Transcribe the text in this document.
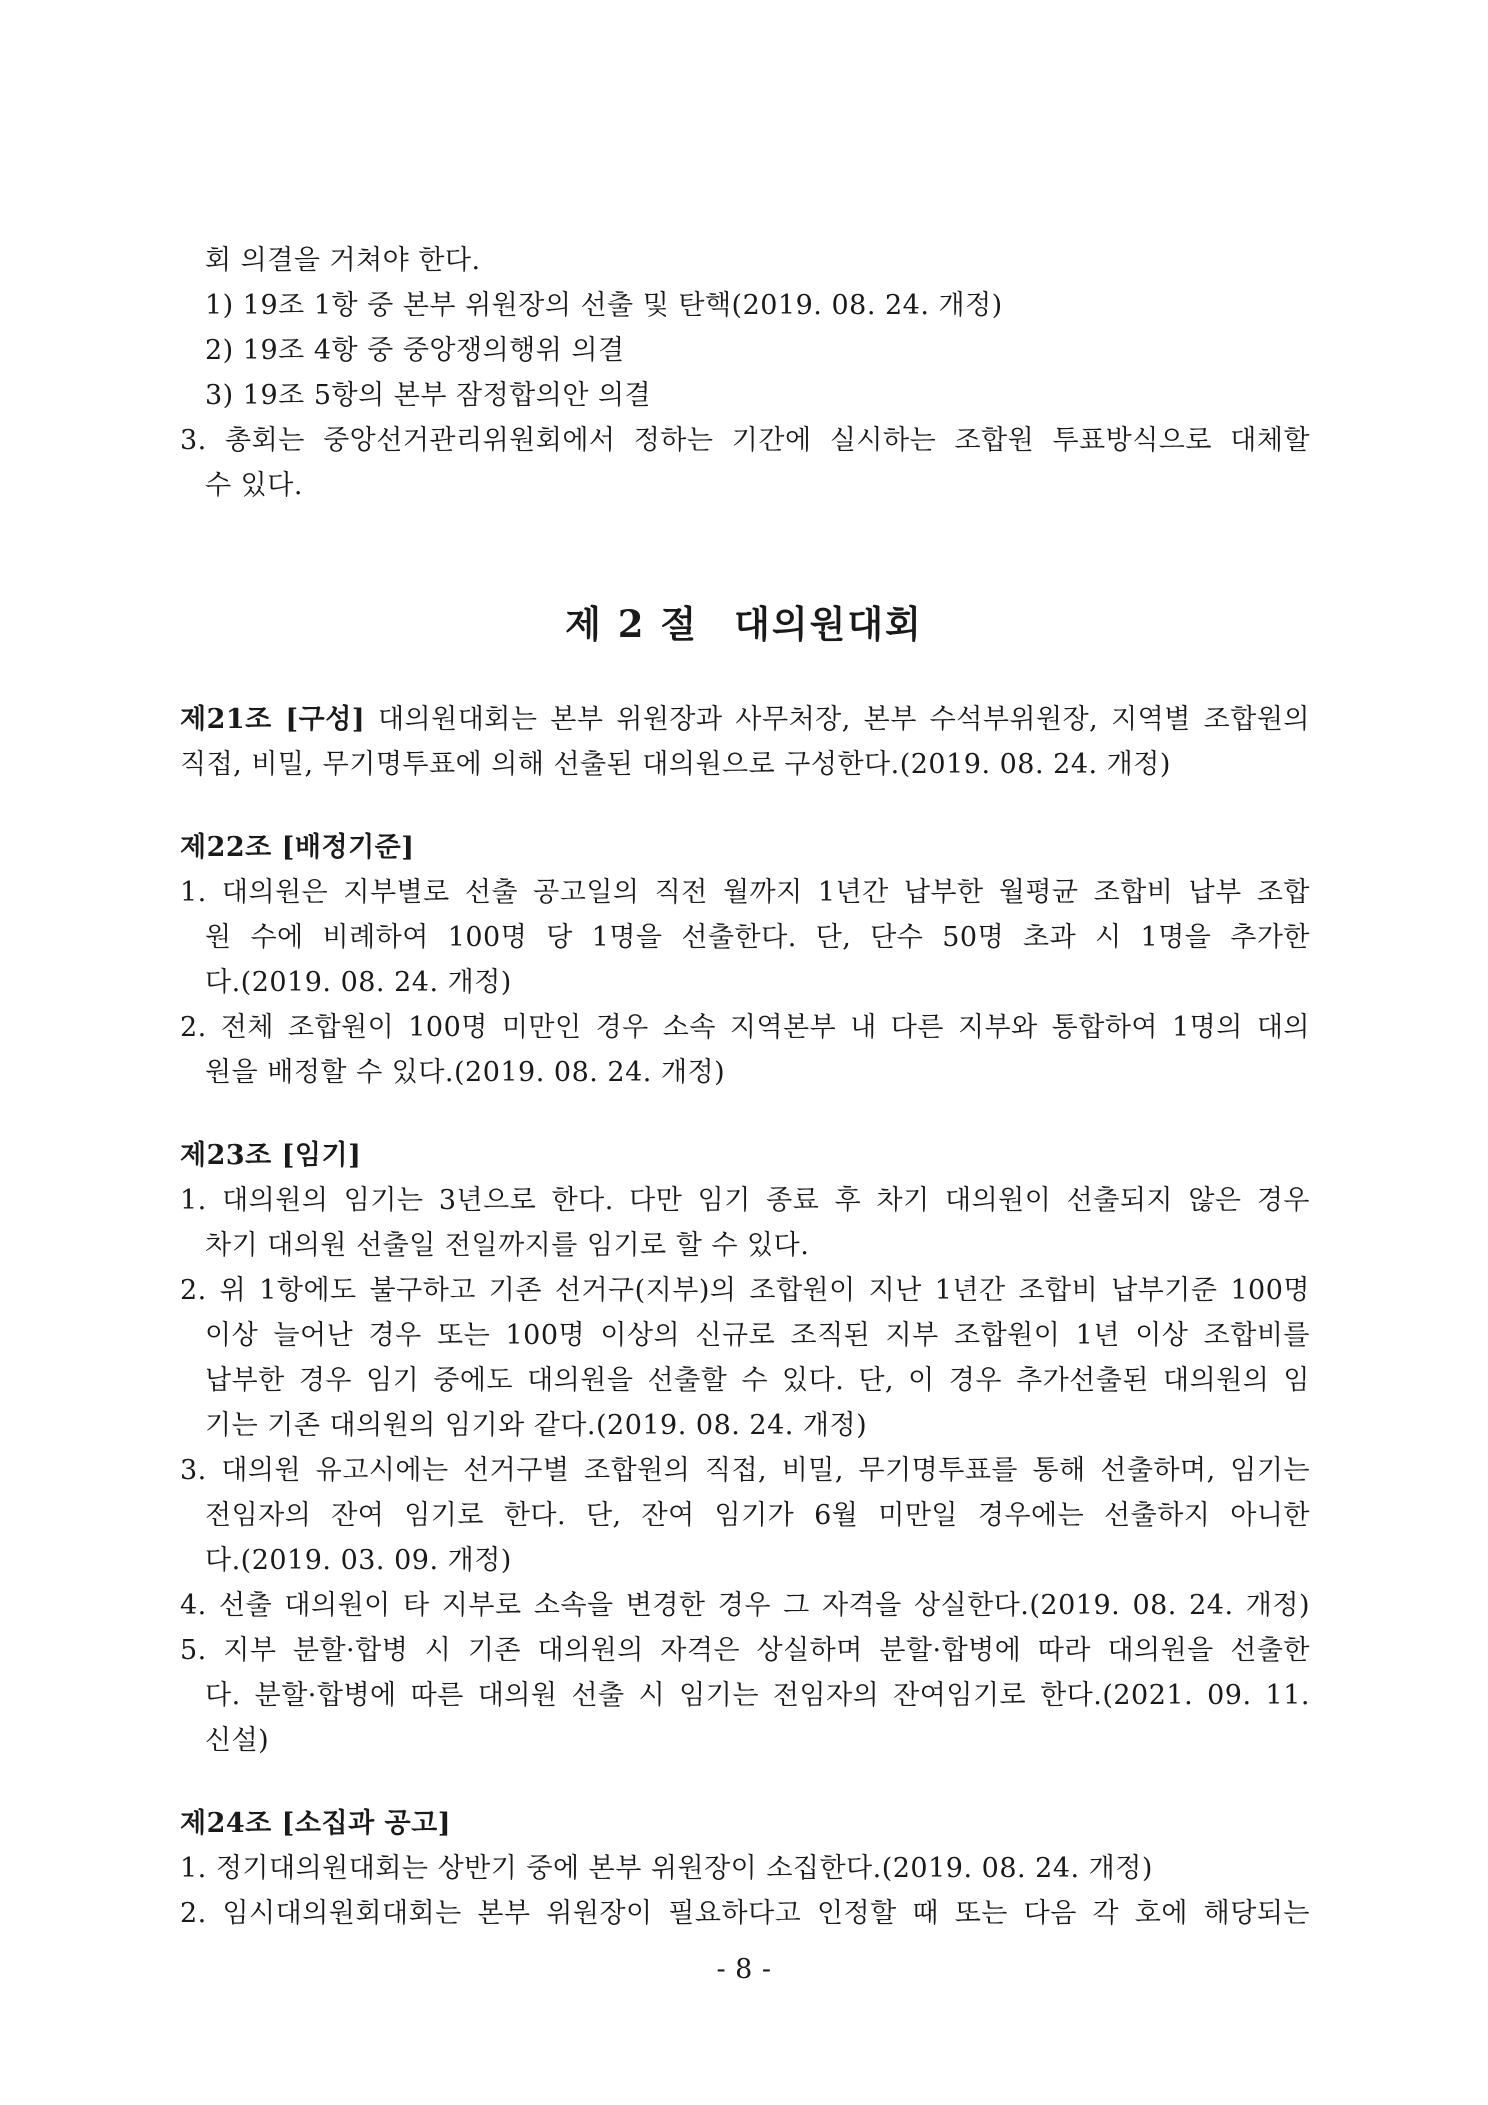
회 의결을 거쳐야 한다.
1) 19조 1항 중 본부 위원장의 선출 및 탄핵(2019. 08. 24. 개정)
2) 19조 4항 중 중앙쟁의행위 의결
3) 19조 5항의 본부 잠정합의안 의결
3. 총회는 중앙선거관리위원회에서 정하는 기간에 실시하는 조합원 투표방식으로 대체할
수 있다.
제 2 절 대의원대회
제21조 [구성] 대의원대회는 본부 위원장과 사무처장, 본부 수석부위원장, 지역별 조합원의
직접, 비밀, 무기명투표에 의해 선출된 대의원으로 구성한다.(2019. 08. 24. 개정)
제22조 [배정기준]
1. 대의원은 지부별로 선출 공고일의 직전 월까지 1년간 납부한 월평균 조합비 납부 조합
원 수에 비례하여 100명 당 1명을 선출한다. 단, 단수 50명 초과 시 1명을 추가한
다.(2019. 08. 24. 개정)
2. 전체 조합원이 100명 미만인 경우 소속 지역본부 내 다른 지부와 통합하여 1명의 대의
원을 배정할 수 있다.(2019. 08. 24. 개정)
제23조 [임기]
1. 대의원의 임기는 3년으로 한다. 다만 임기 종료 후 차기 대의원이 선출되지 않은 경우
차기 대의원 선출일 전일까지를 임기로 할 수 있다.
2. 위 1항에도 불구하고 기존 선거구(지부)의 조합원이 지난 1년간 조합비 납부기준 100명
이상 늘어난 경우 또는 100명 이상의 신규로 조직된 지부 조합원이 1년 이상 조합비를
납부한 경우 임기 중에도 대의원을 선출할 수 있다. 단, 이 경우 추가선출된 대의원의 임
기는 기존 대의원의 임기와 같다.(2019. 08. 24. 개정)
3. 대의원 유고시에는 선거구별 조합원의 직접, 비밀, 무기명투표를 통해 선출하며, 임기는
전임자의 잔여 임기로 한다. 단, 잔여 임기가 6월 미만일 경우에는 선출하지 아니한
다.(2019. 03. 09. 개정)
4. 선출 대의원이 타 지부로 소속을 변경한 경우 그 자격을 상실한다.(2019. 08. 24. 개정)
5. 지부 분할·합병 시 기존 대의원의 자격은 상실하며 분할·합병에 따라 대의원을 선출한
다. 분할·합병에 따른 대의원 선출 시 임기는 전임자의 잔여임기로 한다.(2021. 09. 11.
신설)
제24조 [소집과 공고]
1. 정기대의원대회는 상반기 중에 본부 위원장이 소집한다.(2019. 08. 24. 개정)
2. 임시대의원회대회는 본부 위원장이 필요하다고 인정할 때 또는 다음 각 호에 해당되는
- 8 -
